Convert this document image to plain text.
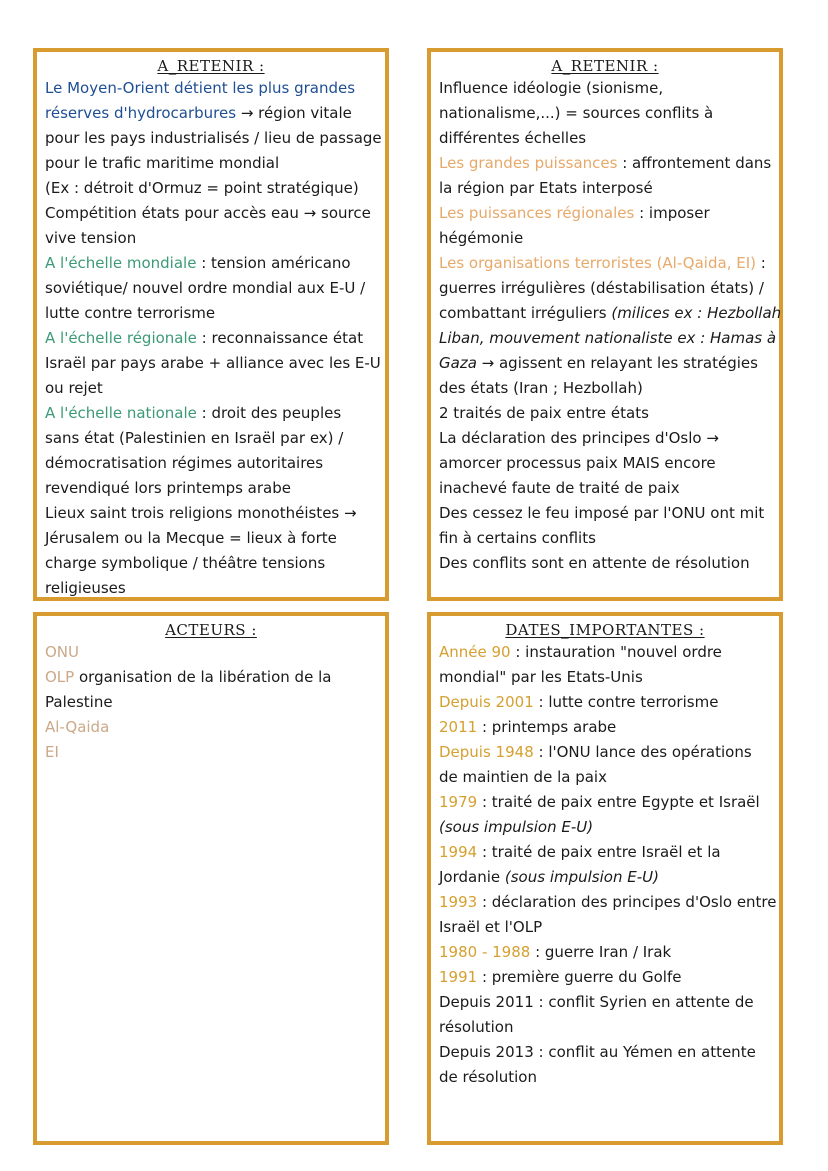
A_RETENIR :
Le Moyen-Orient détient les plus grandes
réserves d'hydrocarbures → région vitale
pour les pays industrialisés / lieu de passage
pour le trafic maritime mondial
(Ex : détroit d'Ormuz = point stratégique)
Compétition états pour accès eau → source
vive tension
A l'échelle mondiale : tension américano
soviétique/ nouvel ordre mondial aux E-U /
lutte contre terrorisme
A l'échelle régionale : reconnaissance état
Israël par pays arabe + alliance avec les E-U
ou rejet
A l'échelle nationale : droit des peuples
sans état (Palestinien en Israël par ex) /
démocratisation régimes autoritaires
revendiqué lors printemps arabe
Lieux saint trois religions monothéistes →
Jérusalem ou la Mecque = lieux à forte
charge symbolique / théâtre tensions
religieuses
A_RETENIR :
Influence idéologie (sionisme,
nationalisme,...) = sources conflits à
différentes échelles
Les grandes puissances : affrontement dans
la région par Etats interposé
Les puissances régionales : imposer
hégémonie
Les organisations terroristes (Al-Qaida, EI) :
guerres irrégulières (déstabilisation états) /
combattant irréguliers (milices ex : Hezbollah
Liban, mouvement nationaliste ex : Hamas à
Gaza → agissent en relayant les stratégies
des états (Iran ; Hezbollah)
2 traités de paix entre états
La déclaration des principes d'Oslo →
amorcer processus paix MAIS encore
inachevé faute de traité de paix
Des cessez le feu imposé par l'ONU ont mit
fin à certains conflits
Des conflits sont en attente de résolution
ACTEURS :
ONU
OLP organisation de la libération de la
Palestine
Al-Qaida
EI
DATES_IMPORTANTES :
Année 90 : instauration "nouvel ordre
mondial" par les Etats-Unis
Depuis 2001 : lutte contre terrorisme
2011 : printemps arabe
Depuis 1948 : l'ONU lance des opérations
de maintien de la paix
1979 : traité de paix entre Egypte et Israël
(sous impulsion E-U)
1994 : traité de paix entre Israël et la
Jordanie (sous impulsion E-U)
1993 : déclaration des principes d'Oslo entre
Israël et l'OLP
1980 - 1988 : guerre Iran / Irak
1991 : première guerre du Golfe
Depuis 2011 : conflit Syrien en attente de
résolution
Depuis 2013 : conflit au Yémen en attente
de résolution
